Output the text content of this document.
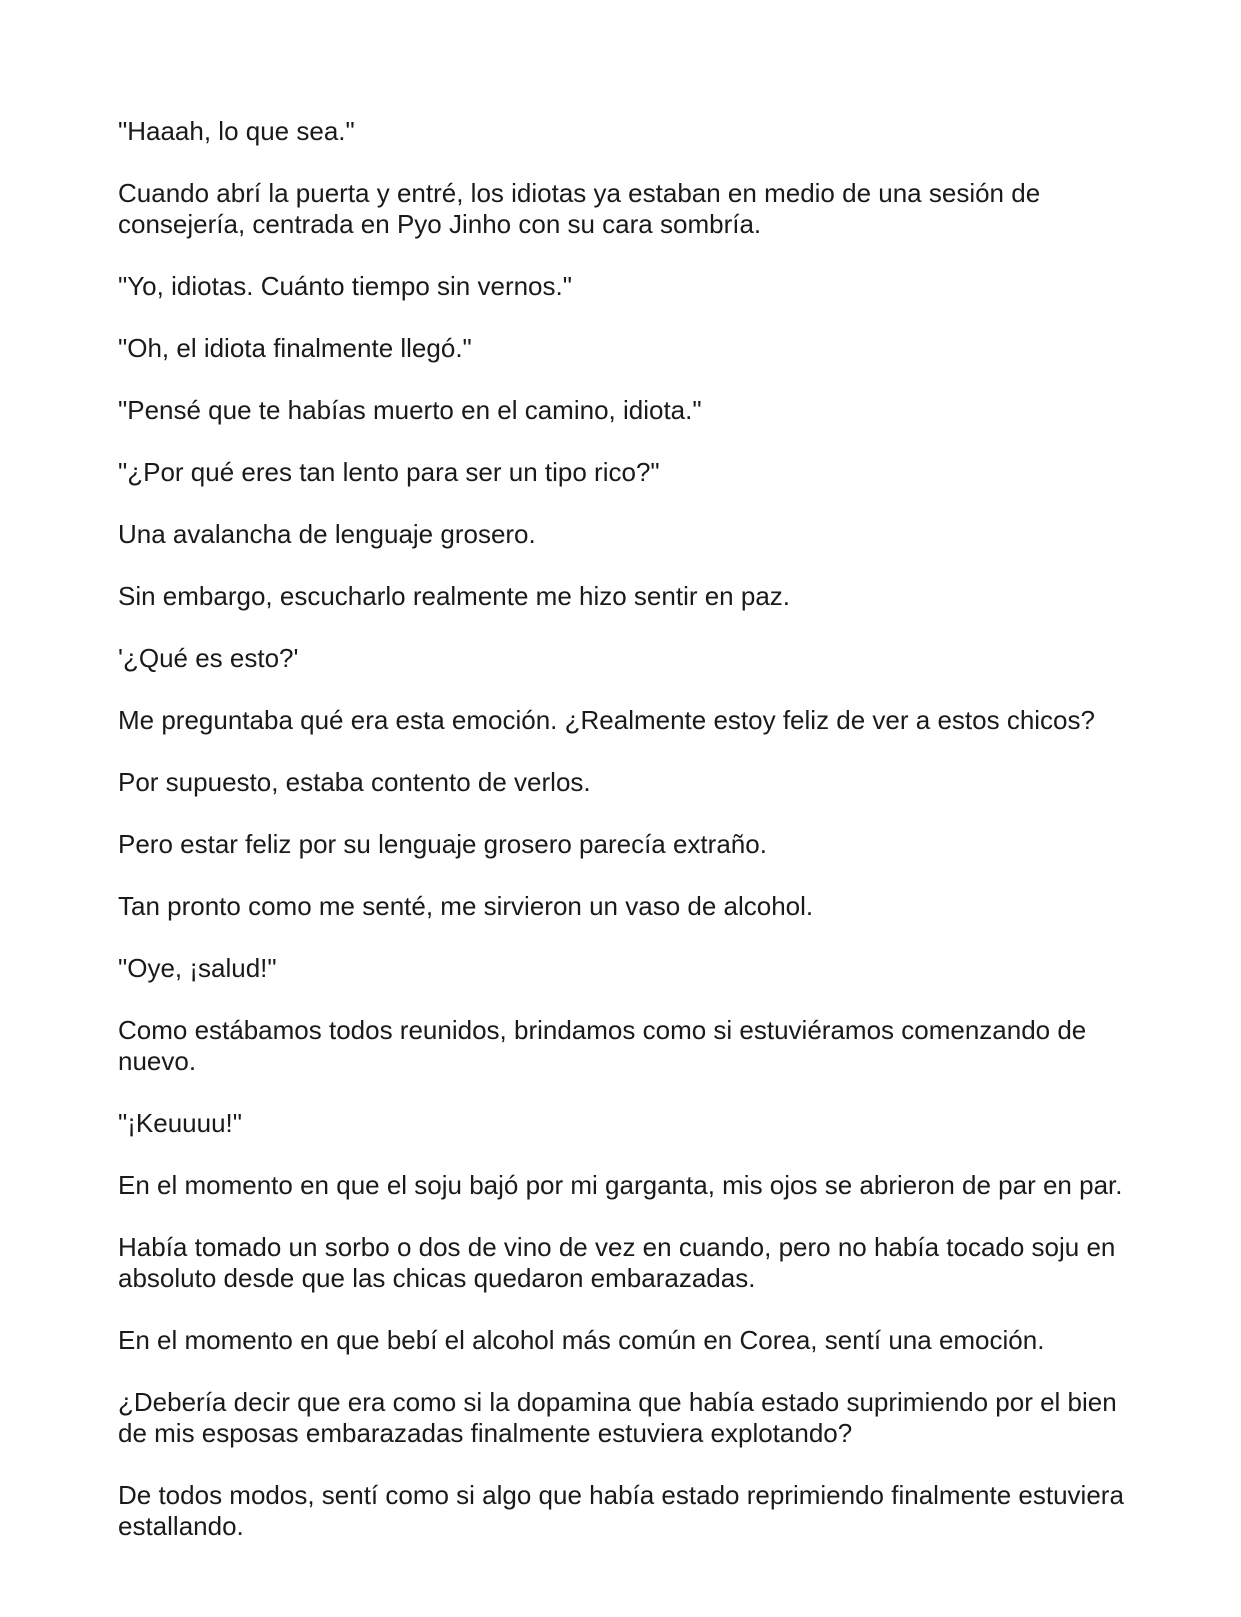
"Haaah, lo que sea."

Cuando abrí la puerta y entré, los idiotas ya estaban en medio de una sesión de consejería, centrada en Pyo Jinho con su cara sombría.

"Yo, idiotas. Cuánto tiempo sin vernos."

"Oh, el idiota finalmente llegó."

"Pensé que te habías muerto en el camino, idiota."

"¿Por qué eres tan lento para ser un tipo rico?"

Una avalancha de lenguaje grosero.

Sin embargo, escucharlo realmente me hizo sentir en paz.

'¿Qué es esto?'

Me preguntaba qué era esta emoción. ¿Realmente estoy feliz de ver a estos chicos?

Por supuesto, estaba contento de verlos.

Pero estar feliz por su lenguaje grosero parecía extraño.

Tan pronto como me senté, me sirvieron un vaso de alcohol.

"Oye, ¡salud!"

Como estábamos todos reunidos, brindamos como si estuviéramos comenzando de nuevo.

"¡Keuuuu!"

En el momento en que el soju bajó por mi garganta, mis ojos se abrieron de par en par.

Había tomado un sorbo o dos de vino de vez en cuando, pero no había tocado soju en absoluto desde que las chicas quedaron embarazadas.

En el momento en que bebí el alcohol más común en Corea, sentí una emoción.

¿Debería decir que era como si la dopamina que había estado suprimiendo por el bien de mis esposas embarazadas finalmente estuviera explotando?

De todos modos, sentí como si algo que había estado reprimiendo finalmente estuviera estallando.
